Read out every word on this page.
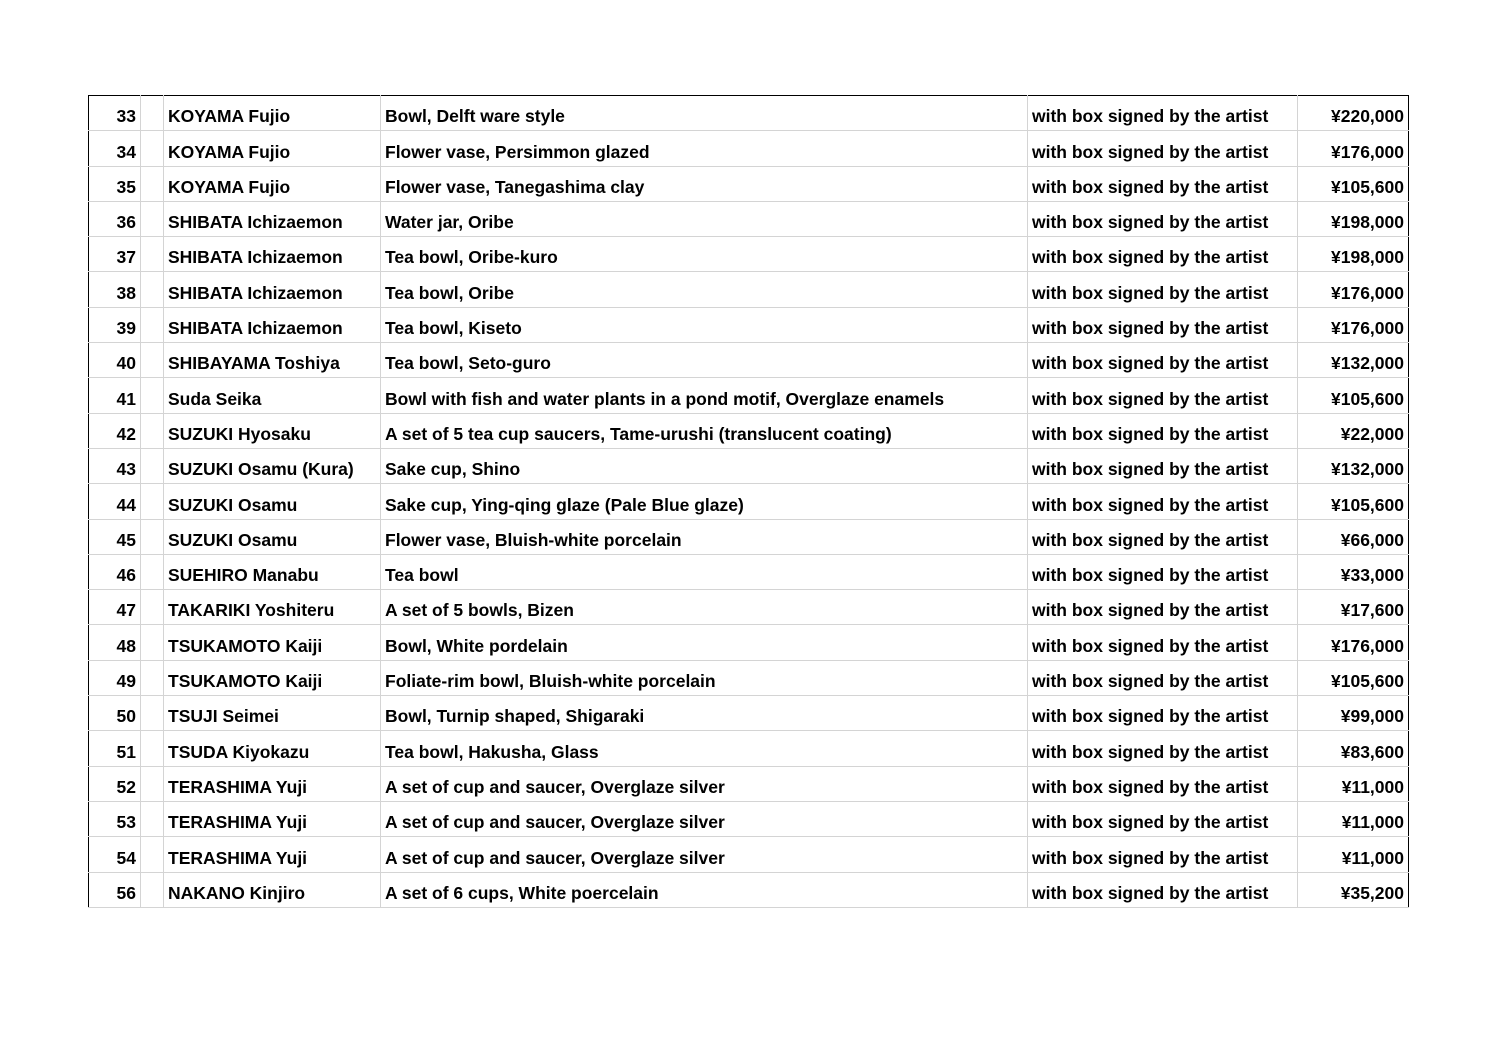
33		KOYAMA Fujio	Bowl, Delft ware style	with box signed by the artist	¥220,000
34		KOYAMA Fujio	Flower vase, Persimmon glazed	with box signed by the artist	¥176,000
35		KOYAMA Fujio	Flower vase, Tanegashima clay	with box signed by the artist	¥105,600
36		SHIBATA Ichizaemon	Water jar, Oribe	with box signed by the artist	¥198,000
37		SHIBATA Ichizaemon	Tea bowl, Oribe-kuro	with box signed by the artist	¥198,000
38		SHIBATA Ichizaemon	Tea bowl, Oribe	with box signed by the artist	¥176,000
39		SHIBATA Ichizaemon	Tea bowl, Kiseto	with box signed by the artist	¥176,000
40		SHIBAYAMA Toshiya	Tea bowl, Seto-guro	with box signed by the artist	¥132,000
41		Suda Seika	Bowl with fish and water plants in a pond motif, Overglaze enamels	with box signed by the artist	¥105,600
42		SUZUKI Hyosaku	A set of 5 tea cup saucers, Tame-urushi (translucent coating)	with box signed by the artist	¥22,000
43		SUZUKI Osamu (Kura)	Sake cup, Shino	with box signed by the artist	¥132,000
44		SUZUKI Osamu	Sake cup, Ying-qing glaze (Pale Blue glaze)	with box signed by the artist	¥105,600
45		SUZUKI Osamu	Flower vase, Bluish-white porcelain	with box signed by the artist	¥66,000
46		SUEHIRO Manabu	Tea bowl	with box signed by the artist	¥33,000
47		TAKARIKI Yoshiteru	A set of 5 bowls, Bizen	with box signed by the artist	¥17,600
48		TSUKAMOTO Kaiji	Bowl, White pordelain	with box signed by the artist	¥176,000
49		TSUKAMOTO Kaiji	Foliate-rim bowl, Bluish-white porcelain	with box signed by the artist	¥105,600
50		TSUJI Seimei	Bowl, Turnip shaped, Shigaraki	with box signed by the artist	¥99,000
51		TSUDA Kiyokazu	Tea bowl, Hakusha, Glass	with box signed by the artist	¥83,600
52		TERASHIMA Yuji	A set of cup and saucer, Overglaze silver	with box signed by the artist	¥11,000
53		TERASHIMA Yuji	A set of cup and saucer, Overglaze silver	with box signed by the artist	¥11,000
54		TERASHIMA Yuji	A set of cup and saucer, Overglaze silver	with box signed by the artist	¥11,000
56		NAKANO Kinjiro	A set of 6 cups, White poercelain	with box signed by the artist	¥35,200
